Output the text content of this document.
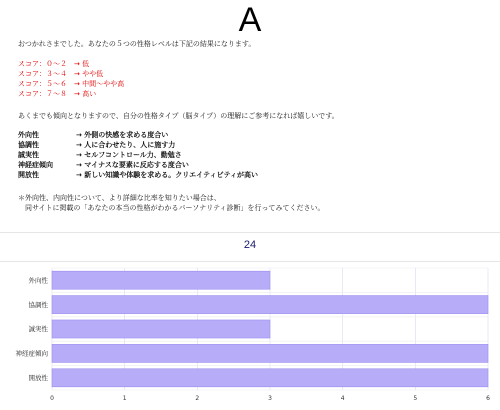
A
おつかれさまでした。あなたの５つの性格レベルは下記の結果になります。
スコア：０～２　→ 低
スコア：３～４　→ やや低
スコア：５～６　→ 中間～やや高
スコア：７～８　→ 高い
あくまでも傾向となりますので、自分の性格タイプ（脳タイプ）の理解にご参考になれば嬉しいです。
外向性	→ 外側の快感を求める度合い
協調性	→ 人に合わせたり、人に施す力
誠実性	→ セルフコントロール力、勤勉さ
神経症傾向	→ マイナスな要素に反応する度合い
開放性	→ 新しい知識や体験を求める。クリエイティビティが高い
＊外向性、内向性について、より詳細な比率を知りたい場合は、
　同サイトに掲載の「あなたの本当の性格がわかるパーソナリティ診断」を行ってみてください。
24
外向性
協調性
誠実性
神経症傾向
開放性
0	1	2	3	4	5	6
